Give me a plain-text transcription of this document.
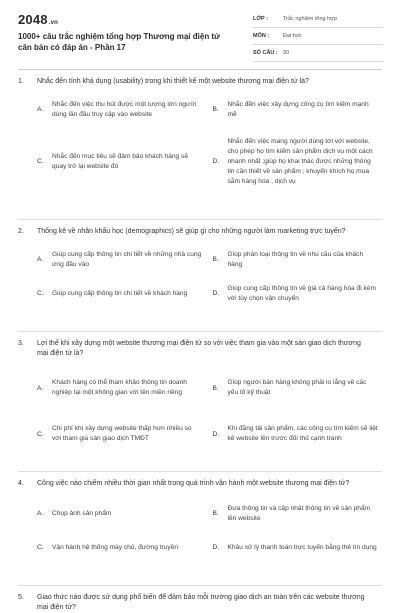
2048.vn
1000+ câu trắc nghiệm tổng hợp Thương mại điện tử căn bản có đáp án - Phần 17
LỚP :	Trắc nghiệm tổng hợp
MÔN :	Đại học
SỐ CÂU : 30
1.	Nhắc đến tính khả dụng (usability) trong khi thiết kế một website thương mại điện tử là?
A.
Nhắc đến việc thu hút được một lượng lớn người dùng lần đầu truy cập vào website
B.
Nhắc đến việc xây dựng công cụ tìm kiếm mạnh mẽ
C.
Nhắc đến mục tiêu sẽ đảm bảo khách hàng sẽ quay trở lại website đó
D.
Nhắc đến việc mang người dùng tới với website, cho phép họ tìm kiếm sản phẩm dịch vụ một cách nhanh nhất ;giúp họ khai thác được những thông tin cần thiết về sản phẩm ; khuyến khích họ mua sắm hàng hóa , dịch vụ
2.	Thống kê về nhân khẩu học (demographics) sẽ giúp gì cho những người làm marketing trực tuyến?
A.
Giúp cung cấp thông tin chi tiết về những nhà cung ứng đầu vào
B.
Giúp phân loại thông tin về nhu cầu của khách hàng
C.	Giúp cung cấp thông tin chi tiết về khách hàng	D.
Giúp cung cấp thông tin về giá cả hàng hóa đi kèm với tùy chọn vận chuyển
3.	Lợi thế khi xây dựng một website thương mại điện tử so với việc tham gia vào một sàn giao dịch thương mại điện tử là?
A.
Khách hàng có thể tham khảo thông tin doanh nghiệp tại một không gian với tên miền riêng
B.
Giúp người bán hàng không phải lo lắng về các yếu tố kỹ thuật
C.
Chi phí khi xây dựng website thấp hơn nhiều so với tham gia sàn giao dịch TMĐT
D.
Khi đăng tải sản phẩm, các công cụ tìm kiếm sẽ liệt kê website lên trước đối thủ cạnh tranh
4.	Công việc nào chiếm nhiều thời gian nhất trong quá trình vận hành một website thương mại điện tử?
A.	Chụp ảnh sản phẩm	B.
Đưa thông tin và cập nhật thông tin về sản phẩm lên website
C.	Vận hành hệ thống máy chủ, đường truyền	D.	Khâu xử lý thanh toán trực tuyến bằng thẻ tín dụng
5.	Giao thức nào được sử dụng phổ biến để đảm bảo mỗi trường giao dịch an toàn trên các website thương mại điện tử?
